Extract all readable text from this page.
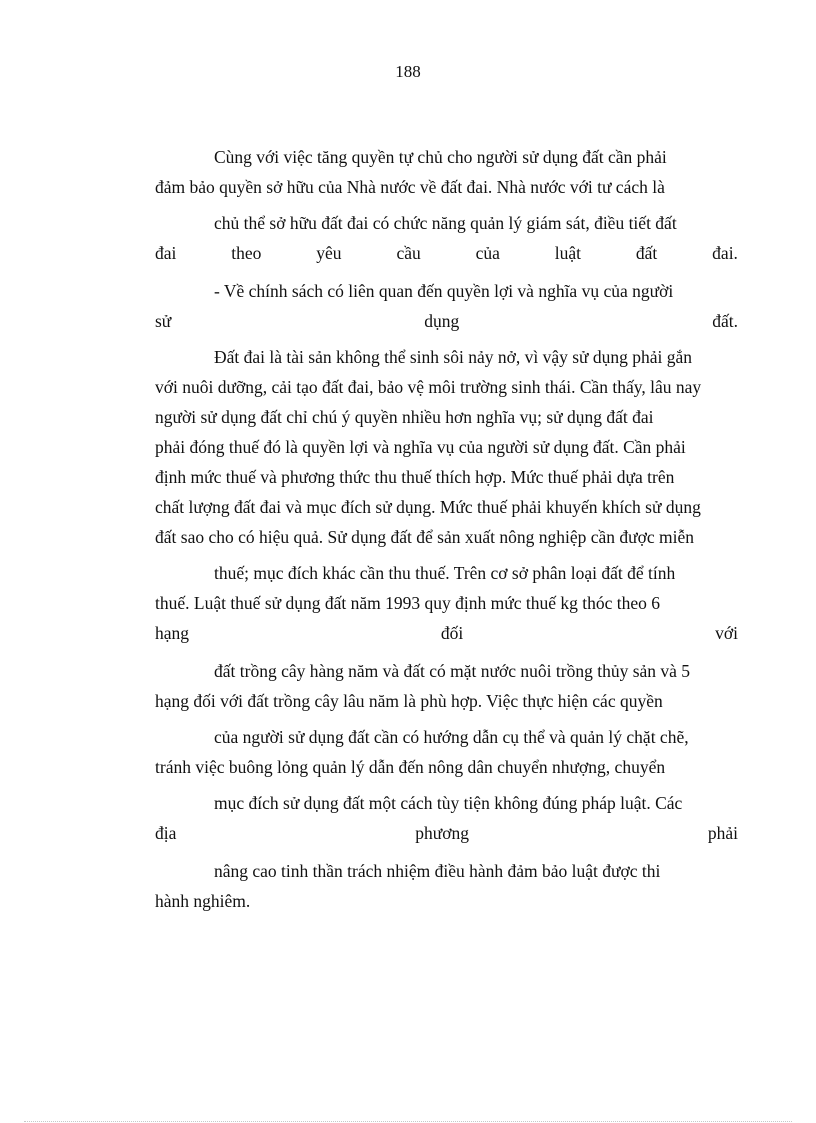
188
Cùng với việc tăng quyền tự chủ cho người sử dụng đất cần phải
đảm bảo quyền sở hữu của Nhà nước về đất đai. Nhà nước với tư cách là
chủ thể sở hữu đất đai có chức năng quản lý giám sát, điều tiết đất
đai	theo	yêu	cầu	của	luật	đất	đai.
- Về chính sách có liên quan đến quyền lợi và nghĩa vụ của người
sử	dụng	đất.
Đất đai là tài sản không thể sinh sôi nảy nở, vì vậy sử dụng phải gắn
với nuôi dưỡng, cải tạo đất đai, bảo vệ môi trường sinh thái. Cần thấy, lâu nay
người sử dụng đất chỉ chú ý quyền nhiều hơn nghĩa vụ; sử dụng đất đai
phải đóng thuế đó là quyền lợi và nghĩa vụ của người sử dụng đất. Cần phải
định mức thuế và phương thức thu thuế thích hợp. Mức thuế phải dựa trên
chất lượng đất đai và mục đích sử dụng. Mức thuế phải khuyến khích sử dụng
đất sao cho có hiệu quả. Sử dụng đất để sản xuất nông nghiệp cần được miễn
thuế; mục đích khác cần thu thuế. Trên cơ sở phân loại đất để tính
thuế. Luật thuế sử dụng đất năm 1993 quy định mức thuế kg thóc theo 6
hạng	đối	với
đất trồng cây hàng năm và đất có mặt nước nuôi trồng thủy sản và 5
hạng đối với đất trồng cây lâu năm là phù hợp. Việc thực hiện các quyền
của người sử dụng đất cần có hướng dẫn cụ thể và quản lý chặt chẽ,
tránh việc buông lỏng quản lý dẫn đến nông dân chuyển nhượng, chuyển
mục đích sử dụng đất một cách tùy tiện không đúng pháp luật. Các
địa	phương	phải
nâng cao tinh thần trách nhiệm điều hành đảm bảo luật được thi
hành nghiêm.
